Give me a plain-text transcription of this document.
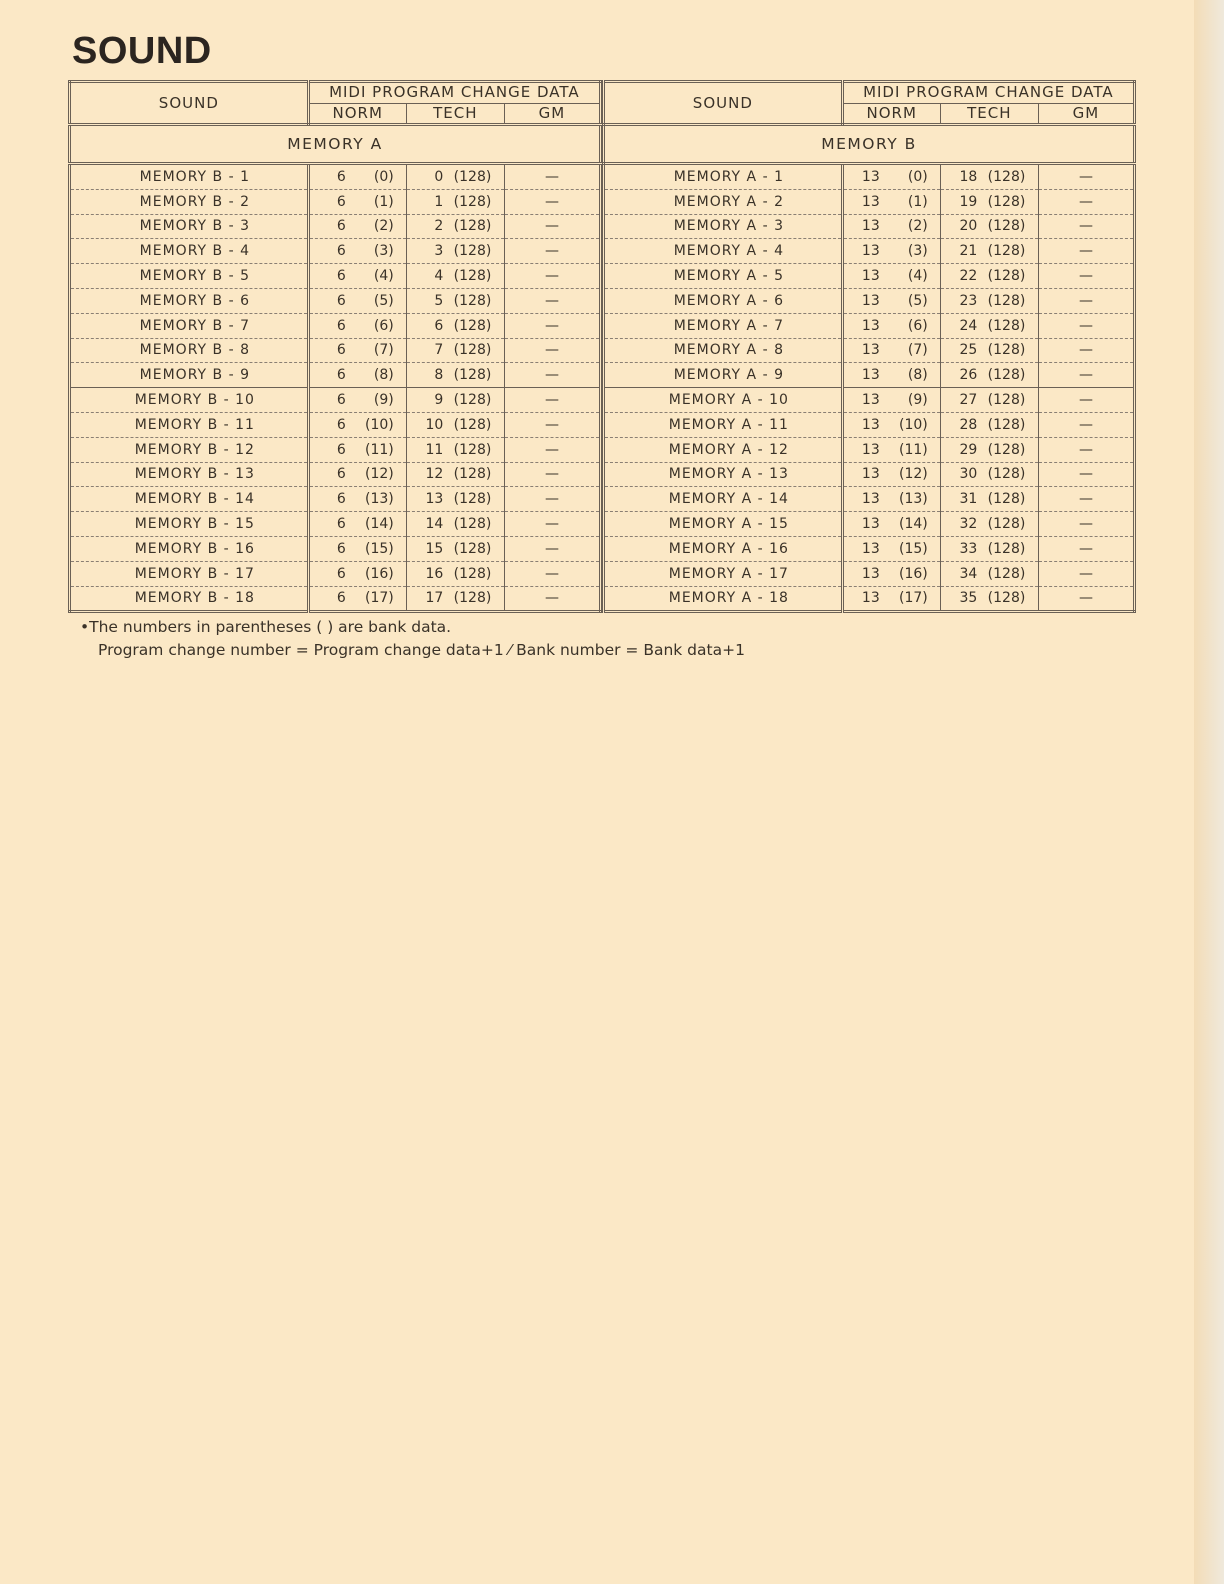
SOUND
SOUND	MIDI PROGRAM CHANGE DATA		
	NORM	TECH	GM
MEMORY A			
MEMORY B - 1	6 (0)	0 (128)	—
MEMORY B - 2	6 (1)	1 (128)	—
MEMORY B - 3	6 (2)	2 (128)	—
MEMORY B - 4	6 (3)	3 (128)	—
MEMORY B - 5	6 (4)	4 (128)	—
MEMORY B - 6	6 (5)	5 (128)	—
MEMORY B - 7	6 (6)	6 (128)	—
MEMORY B - 8	6 (7)	7 (128)	—
MEMORY B - 9	6 (8)	8 (128)	—
MEMORY B - 10	6 (9)	9 (128)	—
MEMORY B - 11	6 (10)	10 (128)	—
MEMORY B - 12	6 (11)	11 (128)	—
MEMORY B - 13	6 (12)	12 (128)	—
MEMORY B - 14	6 (13)	13 (128)	—
MEMORY B - 15	6 (14)	14 (128)	—
MEMORY B - 16	6 (15)	15 (128)	—
MEMORY B - 17	6 (16)	16 (128)	—
MEMORY B - 18	6 (17)	17 (128)	—
SOUND	MIDI PROGRAM CHANGE DATA		
	NORM	TECH	GM
MEMORY B			
MEMORY A - 1	13 (0)	18 (128)	—
MEMORY A - 2	13 (1)	19 (128)	—
MEMORY A - 3	13 (2)	20 (128)	—
MEMORY A - 4	13 (3)	21 (128)	—
MEMORY A - 5	13 (4)	22 (128)	—
MEMORY A - 6	13 (5)	23 (128)	—
MEMORY A - 7	13 (6)	24 (128)	—
MEMORY A - 8	13 (7)	25 (128)	—
MEMORY A - 9	13 (8)	26 (128)	—
MEMORY A - 10	13 (9)	27 (128)	—
MEMORY A - 11	13 (10)	28 (128)	—
MEMORY A - 12	13 (11)	29 (128)	—
MEMORY A - 13	13 (12)	30 (128)	—
MEMORY A - 14	13 (13)	31 (128)	—
MEMORY A - 15	13 (14)	32 (128)	—
MEMORY A - 16	13 (15)	33 (128)	—
MEMORY A - 17	13 (16)	34 (128)	—
MEMORY A - 18	13 (17)	35 (128)	—
•The numbers in parentheses ( ) are bank data.
Program change number = Program change data+1 ⁄ Bank number = Bank data+1
